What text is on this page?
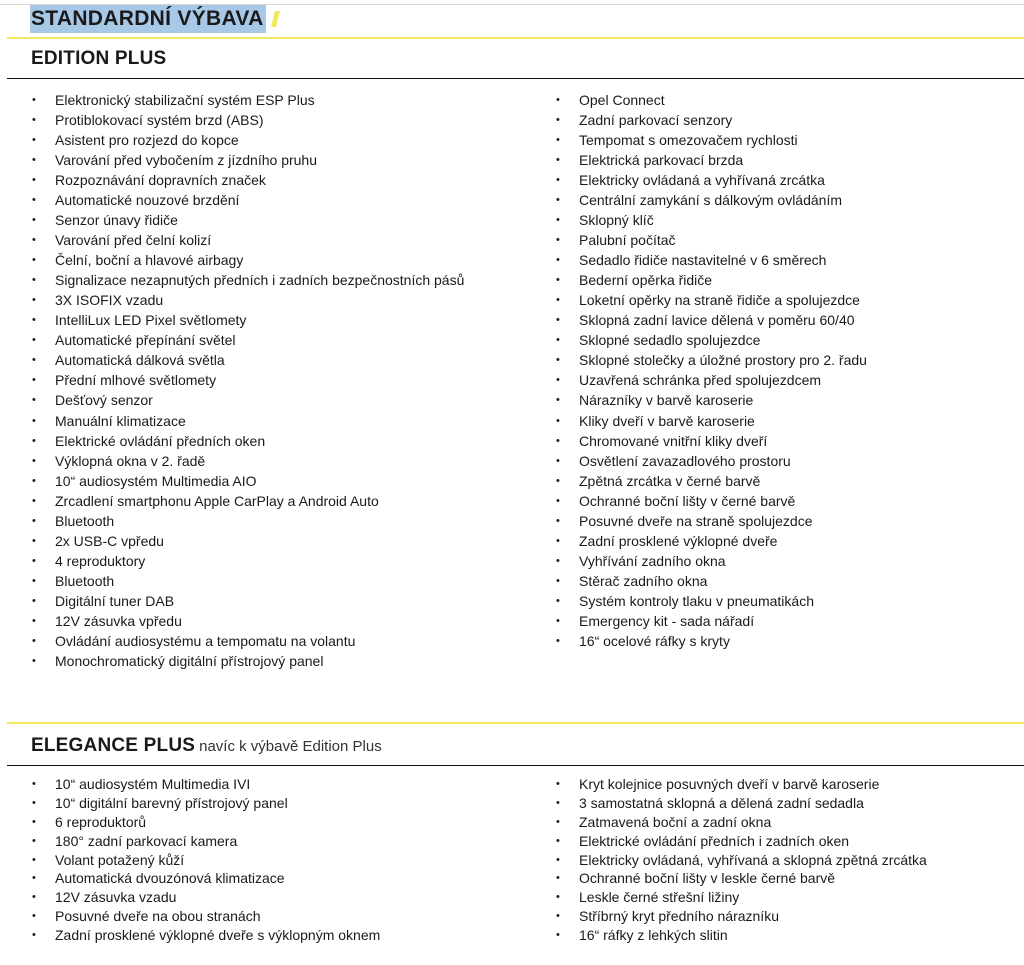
STANDARDNÍ VÝBAVA
EDITION PLUS
• Elektronický stabilizační systém ESP Plus
• Protiblokovací systém brzd (ABS)
• Asistent pro rozjezd do kopce
• Varování před vybočením z jízdního pruhu
• Rozpoznávání dopravních značek
• Automatické nouzové brzdění
• Senzor únavy řidiče
• Varování před čelní kolizí
• Čelní, boční a hlavové airbagy
• Signalizace nezapnutých předních i zadních bezpečnostních pásů
• 3X ISOFIX vzadu
• IntelliLux LED Pixel světlomety
• Automatické přepínání světel
• Automatická dálková světla
• Přední mlhové světlomety
• Dešťový senzor
• Manuální klimatizace
• Elektrické ovládání předních oken
• Výklopná okna v 2. řadě
• 10“ audiosystém Multimedia AIO
• Zrcadlení smartphonu Apple CarPlay a Android Auto
• Bluetooth
• 2x USB-C vpředu
• 4 reproduktory
• Bluetooth
• Digitální tuner DAB
• 12V zásuvka vpředu
• Ovládání audiosystému a tempomatu na volantu
• Monochromatický digitální přístrojový panel
• Opel Connect
• Zadní parkovací senzory
• Tempomat s omezovačem rychlosti
• Elektrická parkovací brzda
• Elektricky ovládaná a vyhřívaná zrcátka
• Centrální zamykání s dálkovým ovládáním
• Sklopný klíč
• Palubní počítač
• Sedadlo řidiče nastavitelné v 6 směrech
• Bederní opěrka řidiče
• Loketní opěrky na straně řidiče a spolujezdce
• Sklopná zadní lavice dělená v poměru 60/40
• Sklopné sedadlo spolujezdce
• Sklopné stolečky a úložné prostory pro 2. řadu
• Uzavřená schránka před spolujezdcem
• Nárazníky v barvě karoserie
• Kliky dveří v barvě karoserie
• Chromované vnitřní kliky dveří
• Osvětlení zavazadlového prostoru
• Zpětná zrcátka v černé barvě
• Ochranné boční lišty v černé barvě
• Posuvné dveře na straně spolujezdce
• Zadní prosklené výklopné dveře
• Vyhřívání zadního okna
• Stěrač zadního okna
• Systém kontroly tlaku v pneumatikách
• Emergency kit - sada nářadí
• 16“ ocelové ráfky s kryty
ELEGANCE PLUS navíc k výbavě Edition Plus
• 10“ audiosystém Multimedia IVI
• 10“ digitální barevný přístrojový panel
• 6 reproduktorů
• 180° zadní parkovací kamera
• Volant potažený kůží
• Automatická dvouzónová klimatizace
• 12V zásuvka vzadu
• Posuvné dveře na obou stranách
• Zadní prosklené výklopné dveře s výklopným oknem
• Kryt kolejnice posuvných dveří v barvě karoserie
• 3 samostatná sklopná a dělená zadní sedadla
• Zatmavená boční a zadní okna
• Elektrické ovládání předních i zadních oken
• Elektricky ovládaná, vyhřívaná a sklopná zpětná zrcátka
• Ochranné boční lišty v leskle černé barvě
• Leskle černé střešní ližiny
• Stříbrný kryt předního nárazníku
• 16“ ráfky z lehkých slitin
